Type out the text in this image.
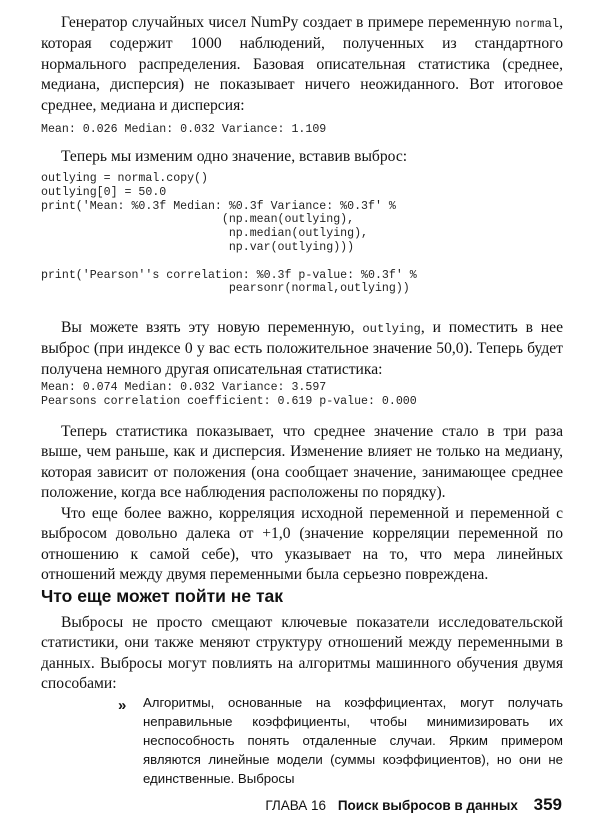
Генератор случайных чисел NumPy создает в примере переменную normal, которая содержит 1000 наблюдений, полученных из стандартного нормального распределения. Базовая описательная статистика (среднее, медиана, дисперсия) не показывает ничего неожиданного. Вот итоговое среднее, медиана и дисперсия:

Mean: 0.026 Median: 0.032 Variance: 1.109

Теперь мы изменим одно значение, вставив выброс:

outlying = normal.copy()
outlying[0] = 50.0
print('Mean: %0.3f Median: %0.3f Variance: %0.3f' %
(np.mean(outlying),
np.median(outlying),
np.var(outlying)))

print('Pearson''s correlation: %0.3f p-value: %0.3f' %
pearsonr(normal,outlying))

Вы можете взять эту новую переменную, outlying, и поместить в нее выброс (при индексе 0 у вас есть положительное значение 50,0). Теперь будет получена немного другая описательная статистика:

Mean: 0.074 Median: 0.032 Variance: 3.597
Pearsons correlation coefficient: 0.619 p-value: 0.000

Теперь статистика показывает, что среднее значение стало в три раза выше, чем раньше, как и дисперсия. Изменение влияет не только на медиану, которая зависит от положения (она сообщает значение, занимающее среднее положение, когда все наблюдения расположены по порядку).

Что еще более важно, корреляция исходной переменной и переменной с выбросом довольно далека от +1,0 (значение корреляции переменной по отношению к самой себе), что указывает на то, что мера линейных отношений между двумя переменными была серьезно повреждена.

Что еще может пойти не так

Выбросы не просто смещают ключевые показатели исследовательской статистики, они также меняют структуру отношений между переменными в данных. Выбросы могут повлиять на алгоритмы машинного обучения двумя способами:

» Алгоритмы, основанные на коэффициентах, могут получать неправильные коэффициенты, чтобы минимизировать их неспособность понять отдаленные случаи. Ярким примером являются линейные модели (суммы коэффициентов), но они не единственные. Выбросы

ГЛАВА 16 Поиск выбросов в данных 359
